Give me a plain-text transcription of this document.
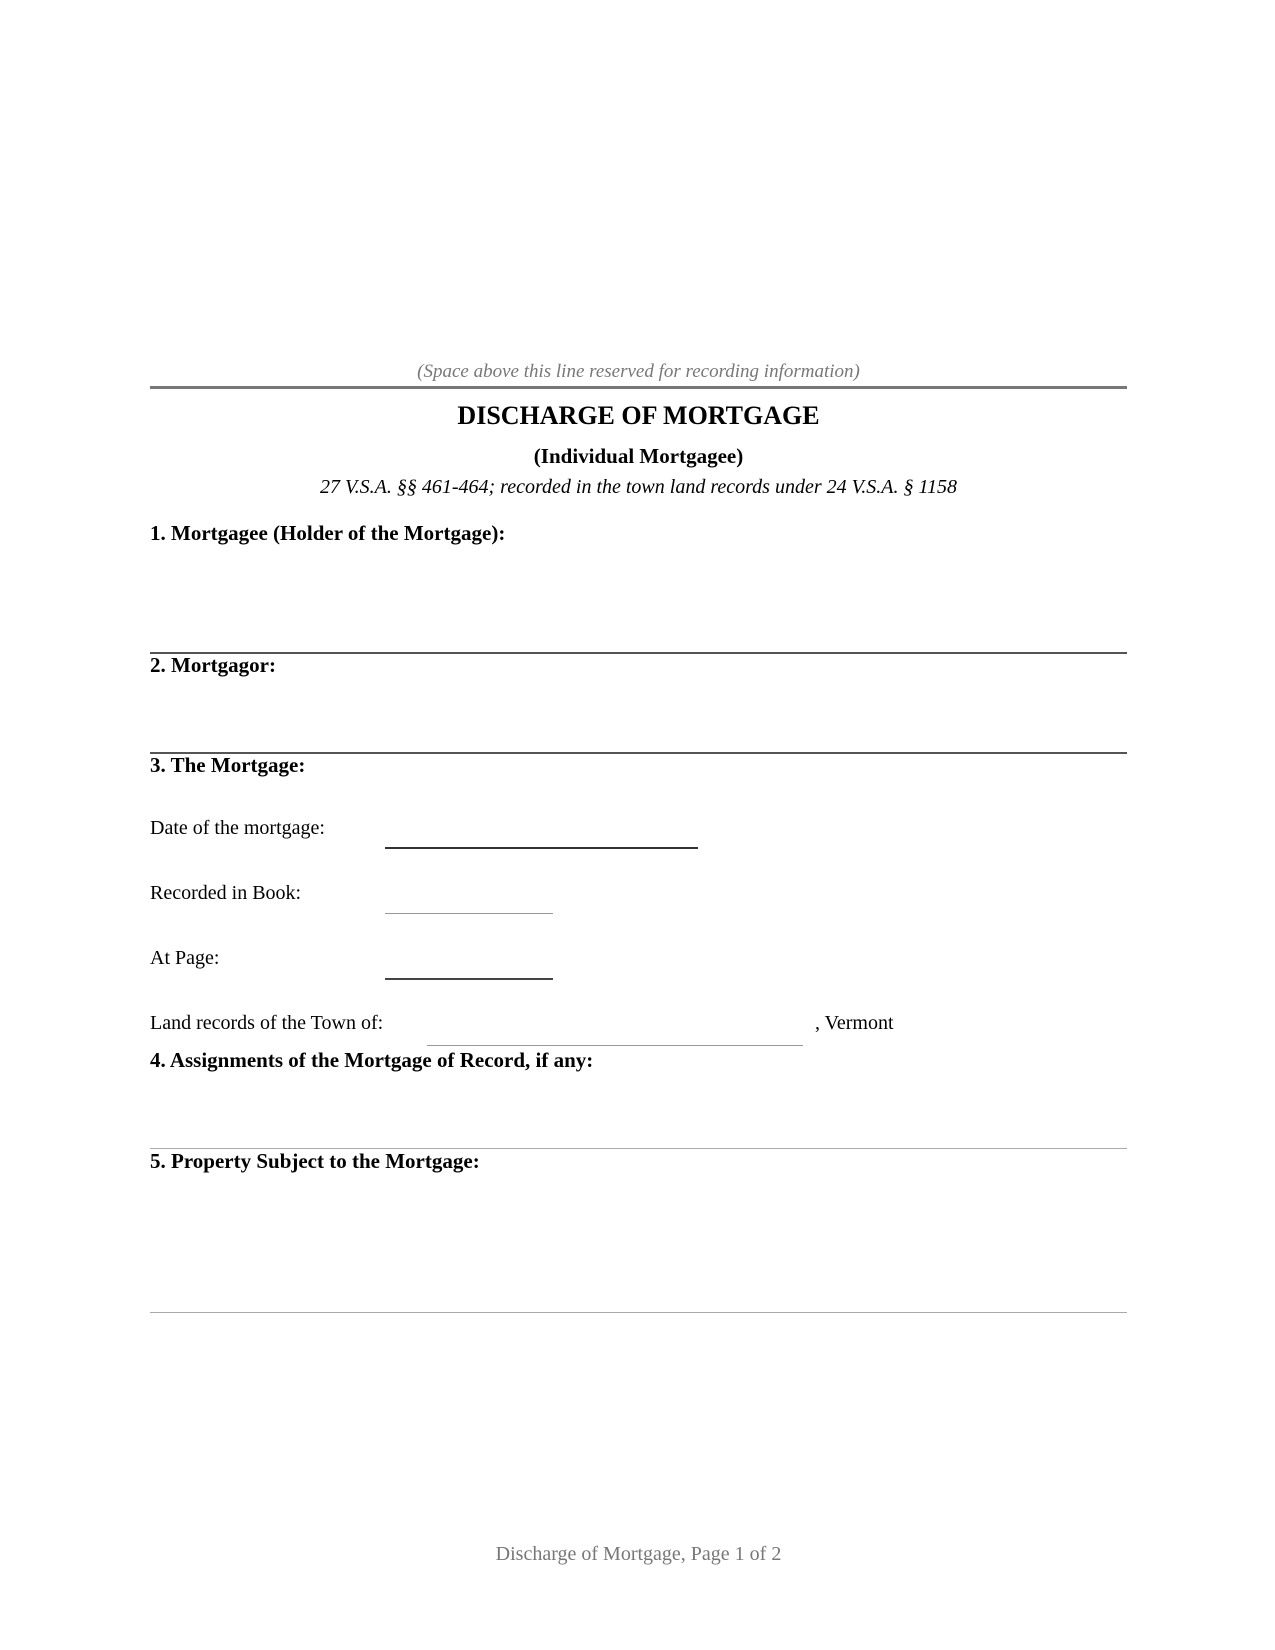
(Space above this line reserved for recording information)
DISCHARGE OF MORTGAGE
(Individual Mortgagee)
27 V.S.A. §§ 461-464; recorded in the town land records under 24 V.S.A. § 1158
1. Mortgagee (Holder of the Mortgage):
2. Mortgagor:
3. The Mortgage:
Date of the mortgage:
Recorded in Book:
At Page:
Land records of the Town of:	, Vermont
4. Assignments of the Mortgage of Record, if any:
5. Property Subject to the Mortgage:
Discharge of Mortgage, Page 1 of 2
